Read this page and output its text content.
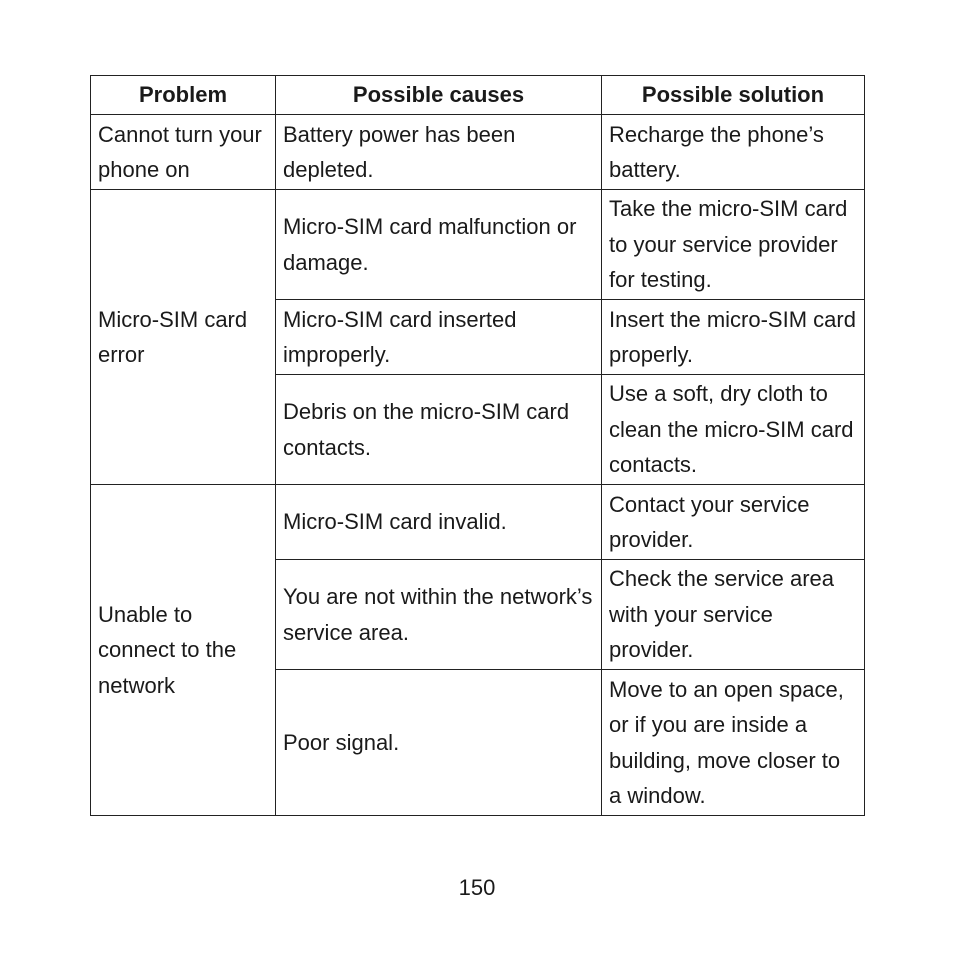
Problem	Possible causes	Possible solution
Cannot turn your phone on	Battery power has been depleted.	Recharge the phone’s battery.
Micro-SIM card error	Micro-SIM card malfunction or damage.	Take the micro-SIM card to your service provider for testing.
	Micro-SIM card inserted improperly.	Insert the micro-SIM card properly.
	Debris on the micro-SIM card contacts.	Use a soft, dry cloth to clean the micro-SIM card contacts.
Unable to connect to the network	Micro-SIM card invalid.	Contact your service provider.
	You are not within the network’s service area.	Check the service area with your service provider.
	Poor signal.	Move to an open space, or if you are inside a building, move closer to a window.
150
